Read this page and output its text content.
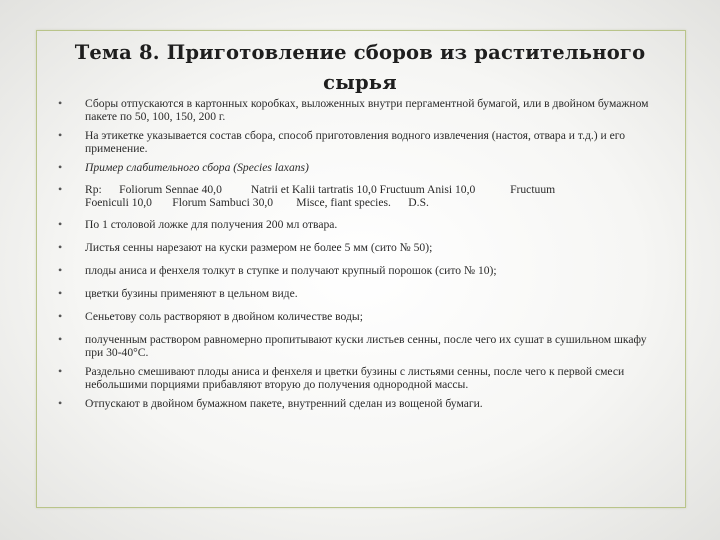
Тема 8. Приготовление сборов из растительного
сырья
• Сборы отпускаются в картонных коробках, выложенных внутри пергаментной бумагой, или в двойном бумажном пакете по 50, 100, 150, 200 г.
• На этикетке указывается состав сбора, способ приготовления водного извлечения (настоя, отвара и т.д.) и его применение.
• Пример слабительного сбора (Species laxans)
• Rp:      Foliorum Sennae 40,0          Natrii et Kalii tartratis 10,0 Fructuum Anisi 10,0            Fructuum
Foeniculi 10,0       Florum Sambuci 30,0        Misce, fiant species.      D.S.
• По 1 столовой ложке для получения 200 мл отвара.
• Листья сенны нарезают на куски размером не более 5 мм (сито № 50);
• плоды аниса и фенхеля толкут в ступке и получают крупный порошок (сито № 10);
• цветки бузины применяют в цельном виде.
• Сеньетову соль растворяют в двойном количестве воды;
• полученным раствором равномерно пропитывают куски листьев сенны, после чего их сушат в сушильном шкафу при 30-40°С.
• Раздельно смешивают плоды аниса и фенхеля и цветки бузины с листьями сенны, после чего к первой смеси небольшими порциями прибавляют вторую до получения однородной массы.
• Отпускают в двойном бумажном пакете, внутренний сделан из вощеной бумаги.
